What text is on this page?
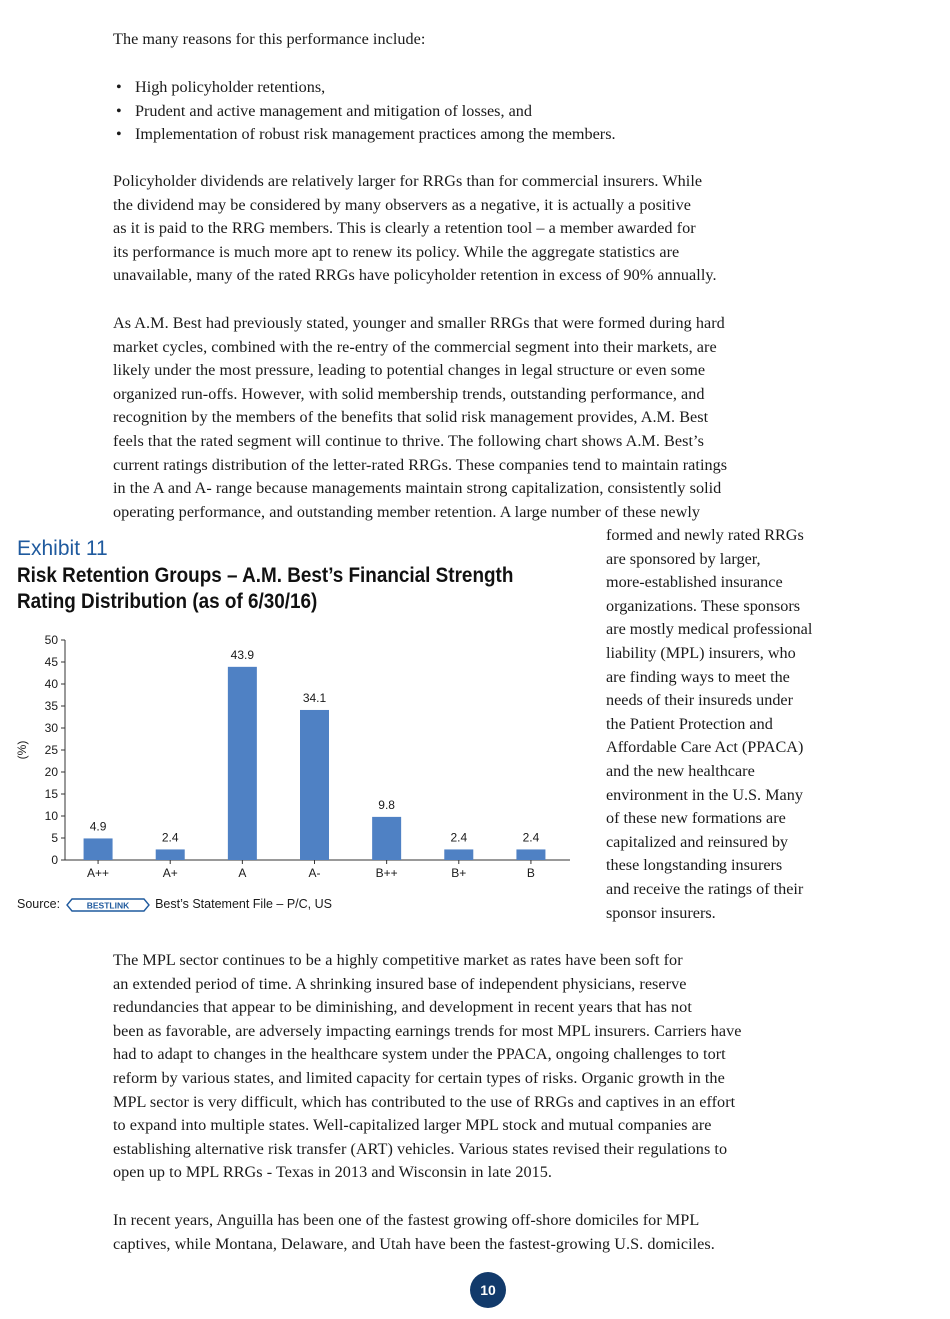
The many reasons for this performance include:

• High policyholder retentions,
• Prudent and active management and mitigation of losses, and
• Implementation of robust risk management practices among the members.

Policyholder dividends are relatively larger for RRGs than for commercial insurers. While
the dividend may be considered by many observers as a negative, it is actually a positive
as it is paid to the RRG members. This is clearly a retention tool – a member awarded for
its performance is much more apt to renew its policy. While the aggregate statistics are
unavailable, many of the rated RRGs have policyholder retention in excess of 90% annually.

As A.M. Best had previously stated, younger and smaller RRGs that were formed during hard
market cycles, combined with the re-entry of the commercial segment into their markets, are
likely under the most pressure, leading to potential changes in legal structure or even some
organized run-offs. However, with solid membership trends, outstanding performance, and
recognition by the members of the benefits that solid risk management provides, A.M. Best
feels that the rated segment will continue to thrive. The following chart shows A.M. Best’s
current ratings distribution of the letter-rated RRGs. These companies tend to maintain ratings
in the A and A- range because managements maintain strong capitalization, consistently solid
operating performance, and outstanding member retention. A large number of these newly

Exhibit 11
Risk Retention Groups – A.M. Best’s Financial Strength
Rating Distribution (as of 6/30/16)
0
5
10
15
20
25
30
35
40
45
50
(%)
4.9
A++
2.4
A+
43.9
A
34.1
A-
9.8
B++
2.4
B+
2.4
B
Source:	BESTLINK Best’s Statement File – P/C, US

formed and newly rated RRGs
are sponsored by larger,
more-established insurance
organizations. These sponsors
are mostly medical professional
liability (MPL) insurers, who
are finding ways to meet the
needs of their insureds under
the Patient Protection and
Affordable Care Act (PPACA)
and the new healthcare
environment in the U.S. Many
of these new formations are
capitalized and reinsured by
these longstanding insurers
and receive the ratings of their
sponsor insurers.

The MPL sector continues to be a highly competitive market as rates have been soft for
an extended period of time. A shrinking insured base of independent physicians, reserve
redundancies that appear to be diminishing, and development in recent years that has not
been as favorable, are adversely impacting earnings trends for most MPL insurers. Carriers have
had to adapt to changes in the healthcare system under the PPACA, ongoing challenges to tort
reform by various states, and limited capacity for certain types of risks. Organic growth in the
MPL sector is very difficult, which has contributed to the use of RRGs and captives in an effort
to expand into multiple states. Well-capitalized larger MPL stock and mutual companies are
establishing alternative risk transfer (ART) vehicles. Various states revised their regulations to
open up to MPL RRGs - Texas in 2013 and Wisconsin in late 2015.

In recent years, Anguilla has been one of the fastest growing off-shore domiciles for MPL
captives, while Montana, Delaware, and Utah have been the fastest-growing U.S. domiciles.

10
